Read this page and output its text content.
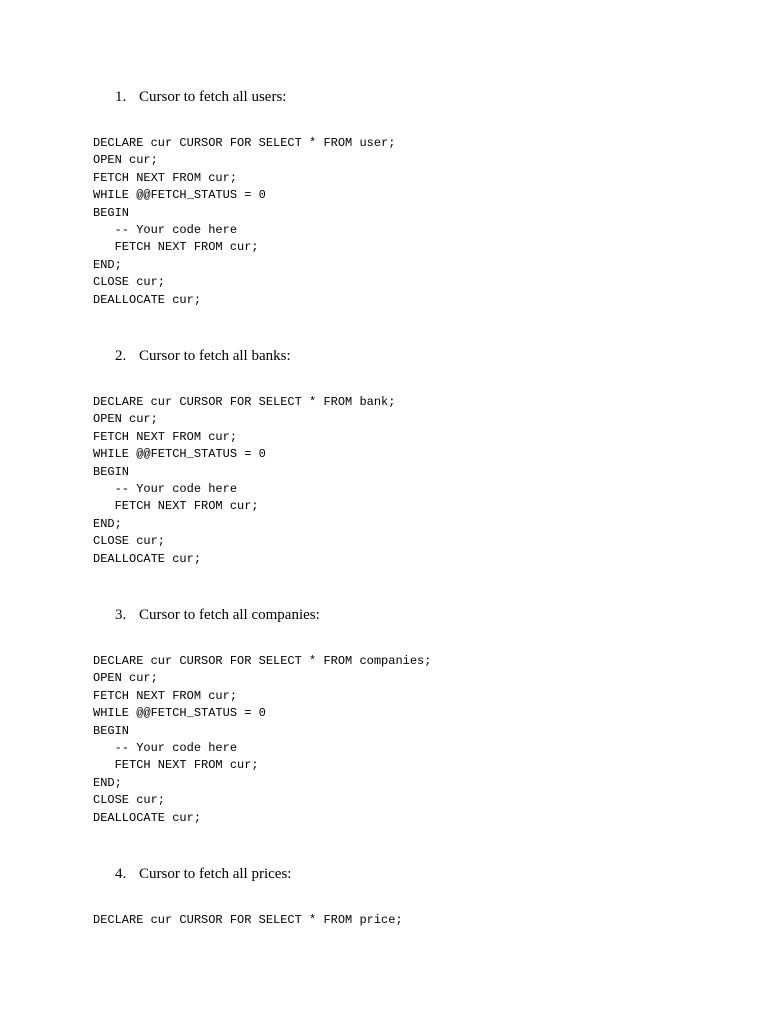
1. Cursor to fetch all users:
DECLARE cur CURSOR FOR SELECT * FROM user;
OPEN cur;
FETCH NEXT FROM cur;
WHILE @@FETCH_STATUS = 0
BEGIN
-- Your code here
FETCH NEXT FROM cur;
END;
CLOSE cur;
DEALLOCATE cur;
2. Cursor to fetch all banks:
DECLARE cur CURSOR FOR SELECT * FROM bank;
OPEN cur;
FETCH NEXT FROM cur;
WHILE @@FETCH_STATUS = 0
BEGIN
-- Your code here
FETCH NEXT FROM cur;
END;
CLOSE cur;
DEALLOCATE cur;
3. Cursor to fetch all companies:
DECLARE cur CURSOR FOR SELECT * FROM companies;
OPEN cur;
FETCH NEXT FROM cur;
WHILE @@FETCH_STATUS = 0
BEGIN
-- Your code here
FETCH NEXT FROM cur;
END;
CLOSE cur;
DEALLOCATE cur;
4. Cursor to fetch all prices:
DECLARE cur CURSOR FOR SELECT * FROM price;
